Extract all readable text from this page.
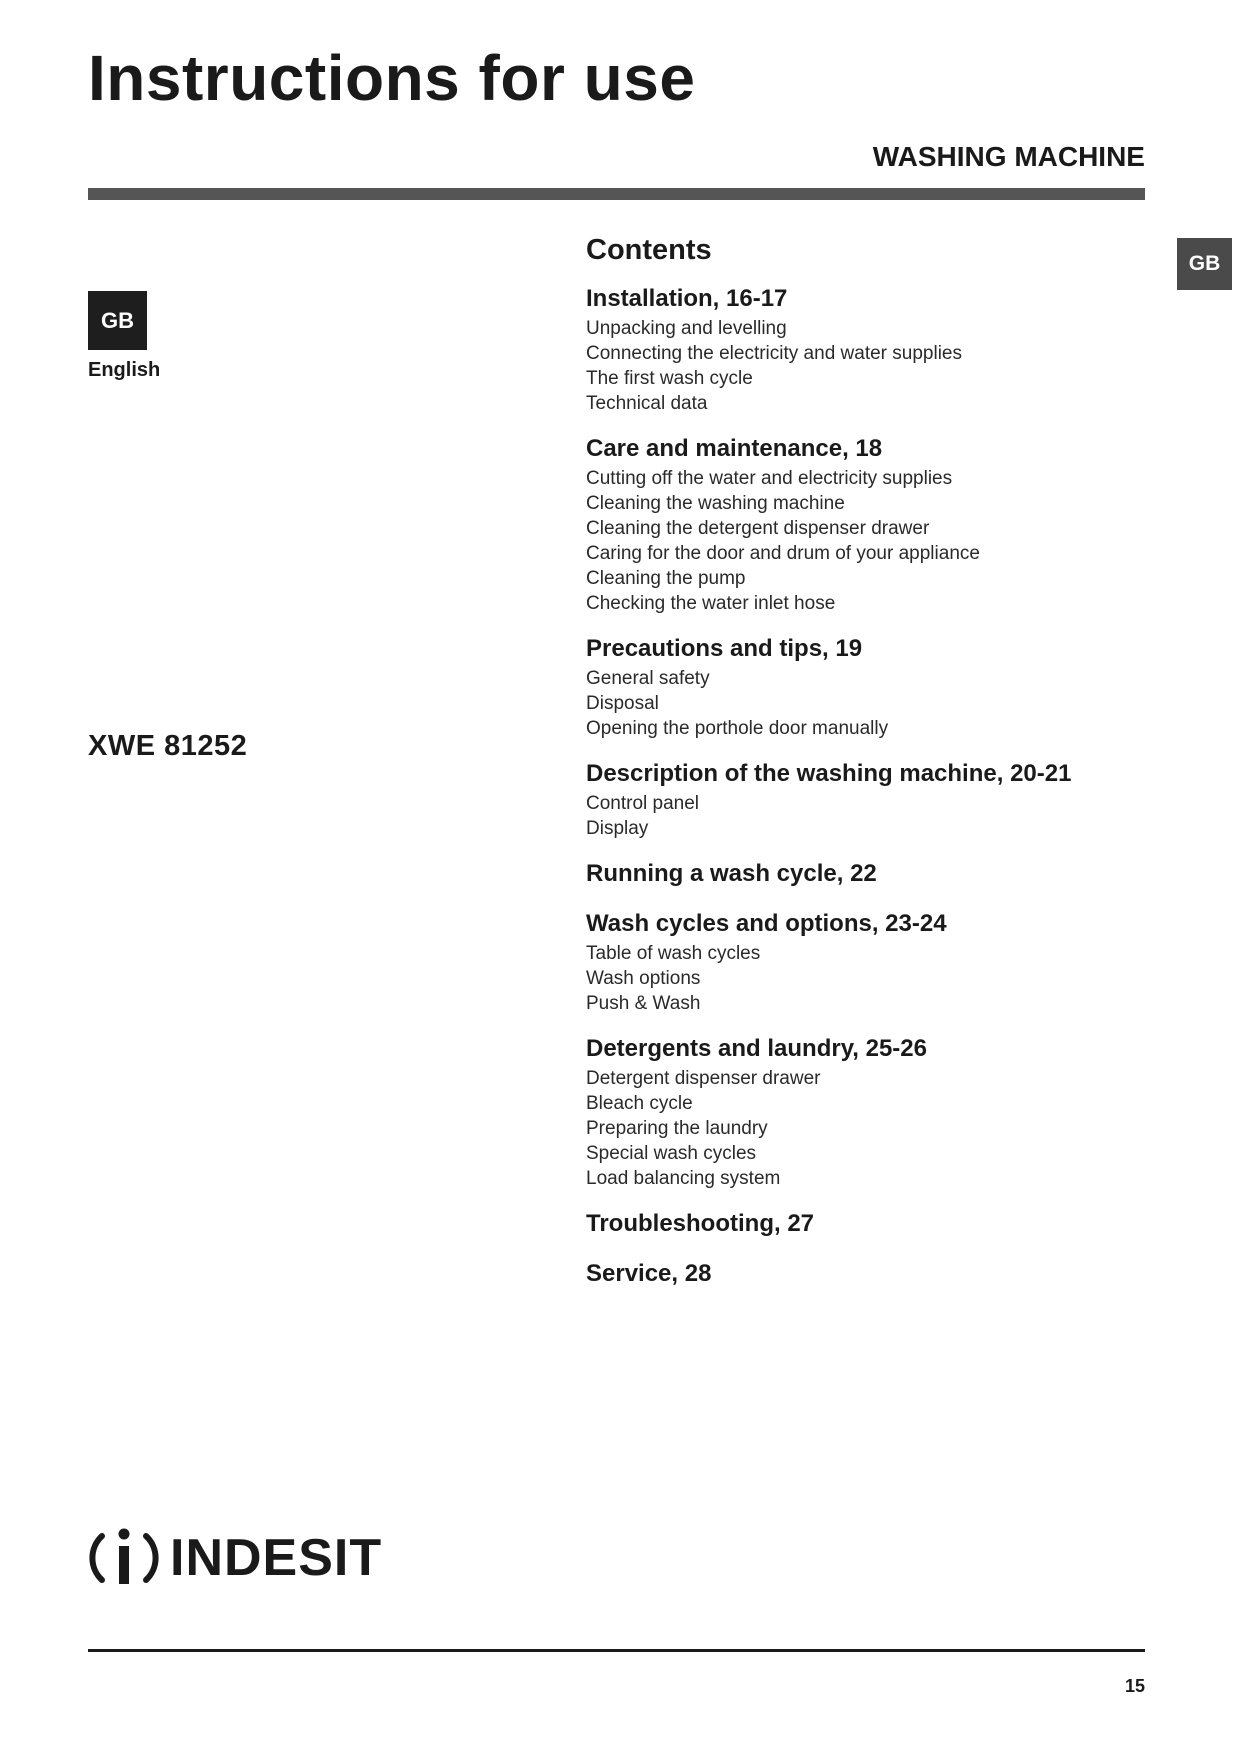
Instructions for use
WASHING MACHINE
GB
GB
English
XWE 81252
Contents
Installation, 16-17
Unpacking and levelling
Connecting the electricity and water supplies
The first wash cycle
Technical data
Care and maintenance, 18
Cutting off the water and electricity supplies
Cleaning the washing machine
Cleaning the detergent dispenser drawer
Caring for the door and drum of your appliance
Cleaning the pump
Checking the water inlet hose
Precautions and tips, 19
General safety
Disposal
Opening the porthole door manually
Description of the washing machine, 20-21
Control panel
Display
Running a wash cycle, 22
Wash cycles and options, 23-24
Table of wash cycles
Wash options
Push & Wash
Detergents and laundry, 25-26
Detergent dispenser drawer
Bleach cycle
Preparing the laundry
Special wash cycles
Load balancing system
Troubleshooting, 27
Service, 28
INDESIT
15
